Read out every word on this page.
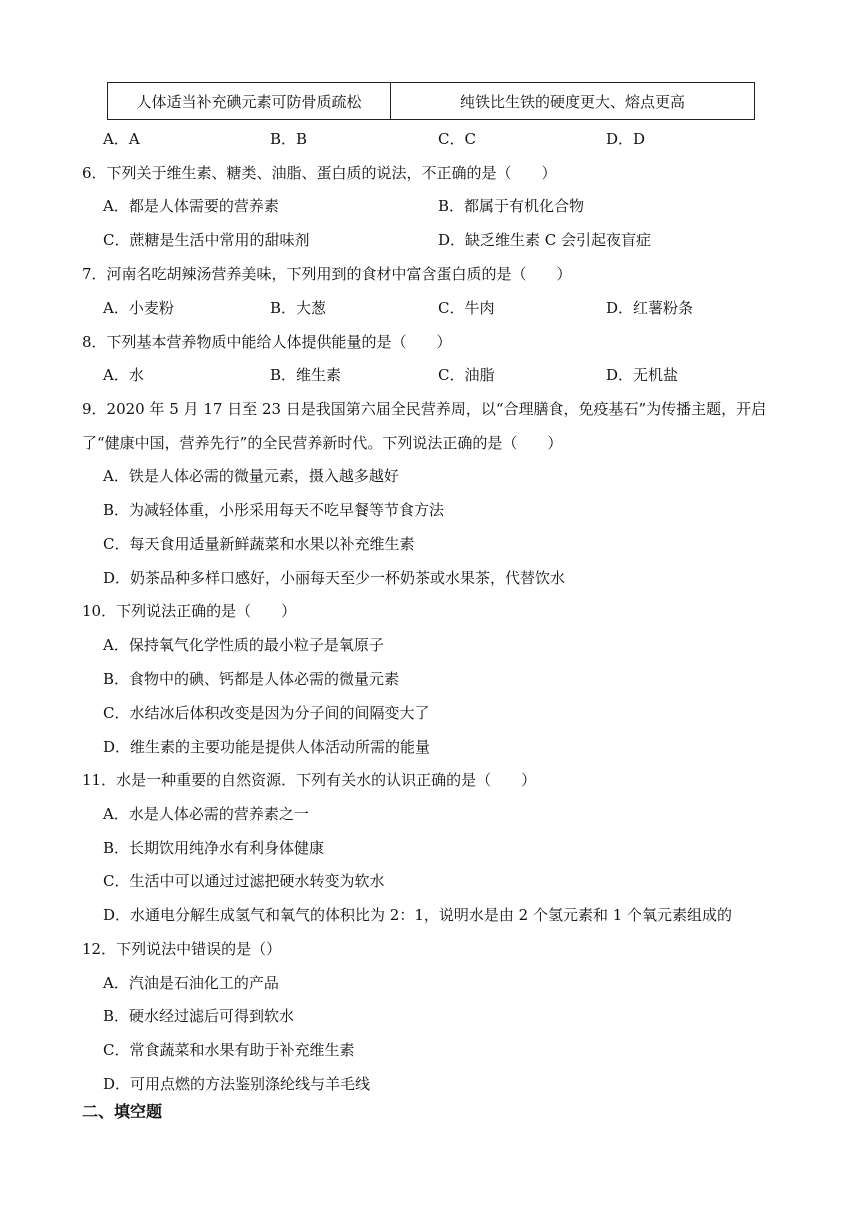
人体适当补充碘元素可防骨质疏松	纯铁比生铁的硬度更大、熔点更高
A．A	B．B	C．C	D．D
6．下列关于维生素、糖类、油脂、蛋白质的说法，不正确的是（　　）
A．都是人体需要的营养素	B．都属于有机化合物
C．蔗糖是生活中常用的甜味剂	D．缺乏维生素 C 会引起夜盲症
7．河南名吃胡辣汤营养美味，下列用到的食材中富含蛋白质的是（　　）
A．小麦粉	B．大葱	C．牛肉	D．红薯粉条
8．下列基本营养物质中能给人体提供能量的是（　　）
A．水	B．维生素	C．油脂	D．无机盐
9．2020 年 5 月 17 日至 23 日是我国第六届全民营养周，以“合理膳食，免疫基石”为传播主题，开启
了“健康中国，营养先行”的全民营养新时代。下列说法正确的是（　　）
A．铁是人体必需的微量元素，摄入越多越好
B．为减轻体重，小彤采用每天不吃早餐等节食方法
C．每天食用适量新鲜蔬菜和水果以补充维生素
D．奶茶品种多样口感好，小丽每天至少一杯奶茶或水果茶，代替饮水
10．下列说法正确的是（　　）
A．保持氧气化学性质的最小粒子是氧原子
B．食物中的碘、钙都是人体必需的微量元素
C．水结冰后体积改变是因为分子间的间隔变大了
D．维生素的主要功能是提供人体活动所需的能量
11．水是一种重要的自然资源．下列有关水的认识正确的是（　　）
A．水是人体必需的营养素之一
B．长期饮用纯净水有利身体健康
C．生活中可以通过过滤把硬水转变为软水
D．水通电分解生成氢气和氧气的体积比为 2：1，说明水是由 2 个氢元素和 1 个氧元素组成的
12．下列说法中错误的是（）
A．汽油是石油化工的产品
B．硬水经过滤后可得到软水
C．常食蔬菜和水果有助于补充维生素
D．可用点燃的方法鉴别涤纶线与羊毛线
二、填空题
